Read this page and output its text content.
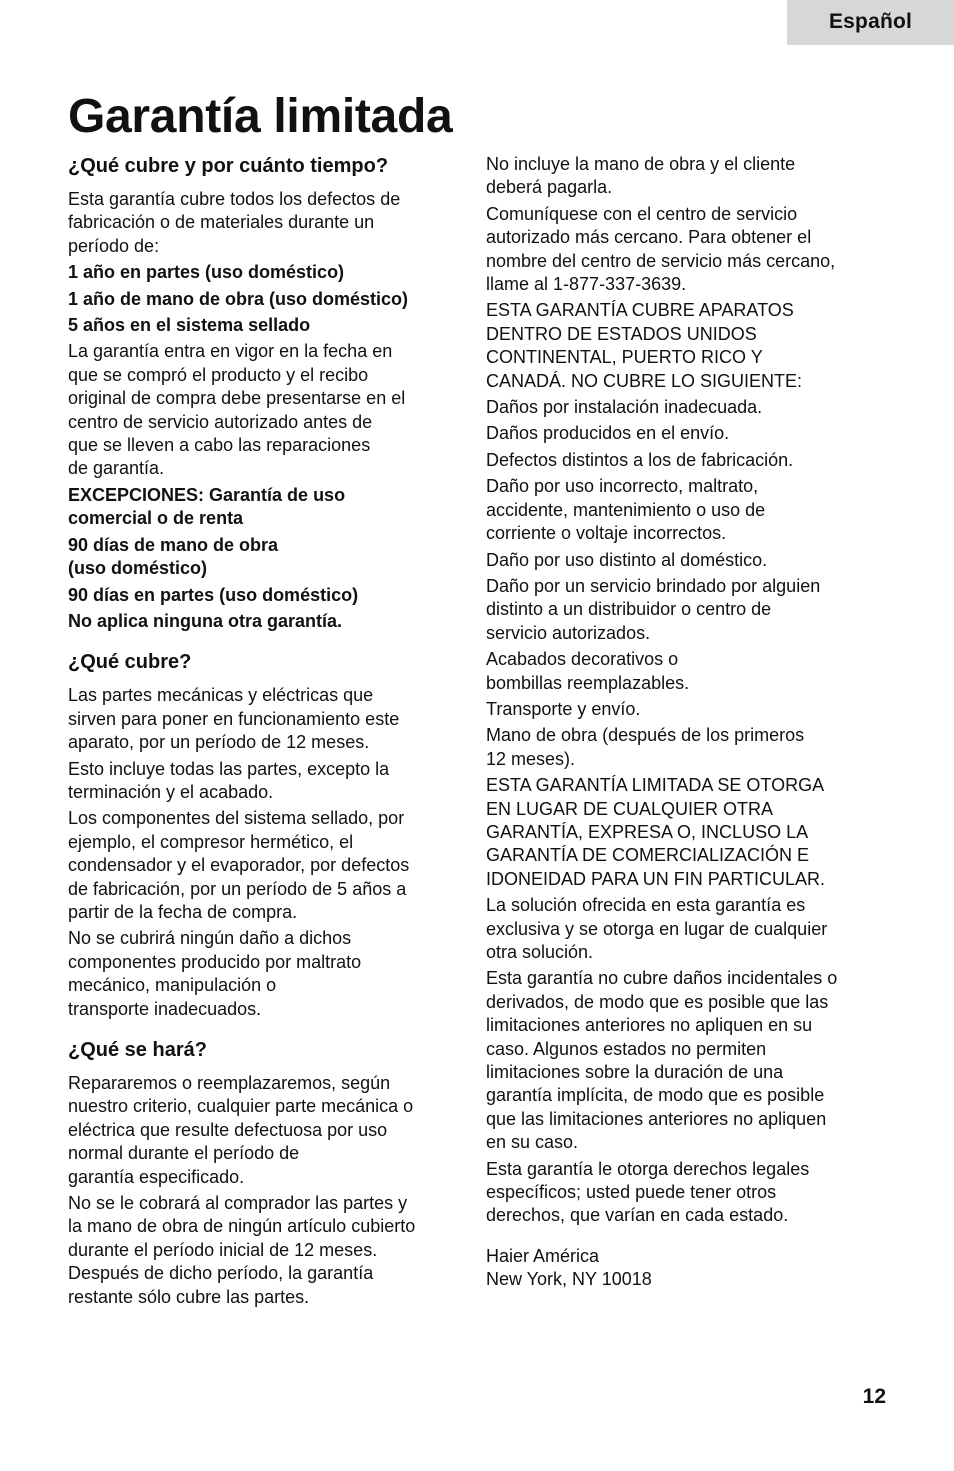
Español
Garantía limitada
¿Qué cubre y por cuánto tiempo?

Esta garantía cubre todos los defectos de
fabricación o de materiales durante un
período de:

1 año en partes (uso doméstico)

1 año de mano de obra (uso doméstico)

5 años en el sistema sellado

La garantía entra en vigor en la fecha en
que se compró el producto y el recibo
original de compra debe presentarse en el
centro de servicio autorizado antes de
que se lleven a cabo las reparaciones
de garantía.

EXCEPCIONES: Garantía de uso
comercial o de renta

90 días de mano de obra
(uso doméstico)

90 días en partes (uso doméstico)

No aplica ninguna otra garantía.

¿Qué cubre?

Las partes mecánicas y eléctricas que
sirven para poner en funcionamiento este
aparato, por un período de 12 meses.

Esto incluye todas las partes, excepto la
terminación y el acabado.

Los componentes del sistema sellado, por
ejemplo, el compresor hermético, el
condensador y el evaporador, por defectos
de fabricación, por un período de 5 años a
partir de la fecha de compra.

No se cubrirá ningún daño a dichos
componentes producido por maltrato
mecánico, manipulación o
transporte inadecuados.

¿Qué se hará?

Repararemos o reemplazaremos, según
nuestro criterio, cualquier parte mecánica o
eléctrica que resulte defectuosa por uso
normal durante el período de
garantía especificado.

No se le cobrará al comprador las partes y
la mano de obra de ningún artículo cubierto
durante el período inicial de 12 meses.
Después de dicho período, la garantía
restante sólo cubre las partes.

No incluye la mano de obra y el cliente
deberá pagarla.

Comuníquese con el centro de servicio
autorizado más cercano. Para obtener el
nombre del centro de servicio más cercano,
llame al 1-877-337-3639.

ESTA GARANTÍA CUBRE APARATOS
DENTRO DE ESTADOS UNIDOS
CONTINENTAL, PUERTO RICO Y
CANADÁ. NO CUBRE LO SIGUIENTE:

Daños por instalación inadecuada.

Daños producidos en el envío.

Defectos distintos a los de fabricación.

Daño por uso incorrecto, maltrato,
accidente, mantenimiento o uso de
corriente o voltaje incorrectos.

Daño por uso distinto al doméstico.

Daño por un servicio brindado por alguien
distinto a un distribuidor o centro de
servicio autorizados.

Acabados decorativos o
bombillas reemplazables.

Transporte y envío.

Mano de obra (después de los primeros
12 meses).

ESTA GARANTÍA LIMITADA SE OTORGA
EN LUGAR DE CUALQUIER OTRA
GARANTÍA, EXPRESA O, INCLUSO LA
GARANTÍA DE COMERCIALIZACIÓN E
IDONEIDAD PARA UN FIN PARTICULAR.

La solución ofrecida en esta garantía es
exclusiva y se otorga en lugar de cualquier
otra solución.

Esta garantía no cubre daños incidentales o
derivados, de modo que es posible que las
limitaciones anteriores no apliquen en su
caso. Algunos estados no permiten
limitaciones sobre la duración de una
garantía implícita, de modo que es posible
que las limitaciones anteriores no apliquen
en su caso.

Esta garantía le otorga derechos legales
específicos; usted puede tener otros
derechos, que varían en cada estado.

Haier América
New York, NY 10018

12
